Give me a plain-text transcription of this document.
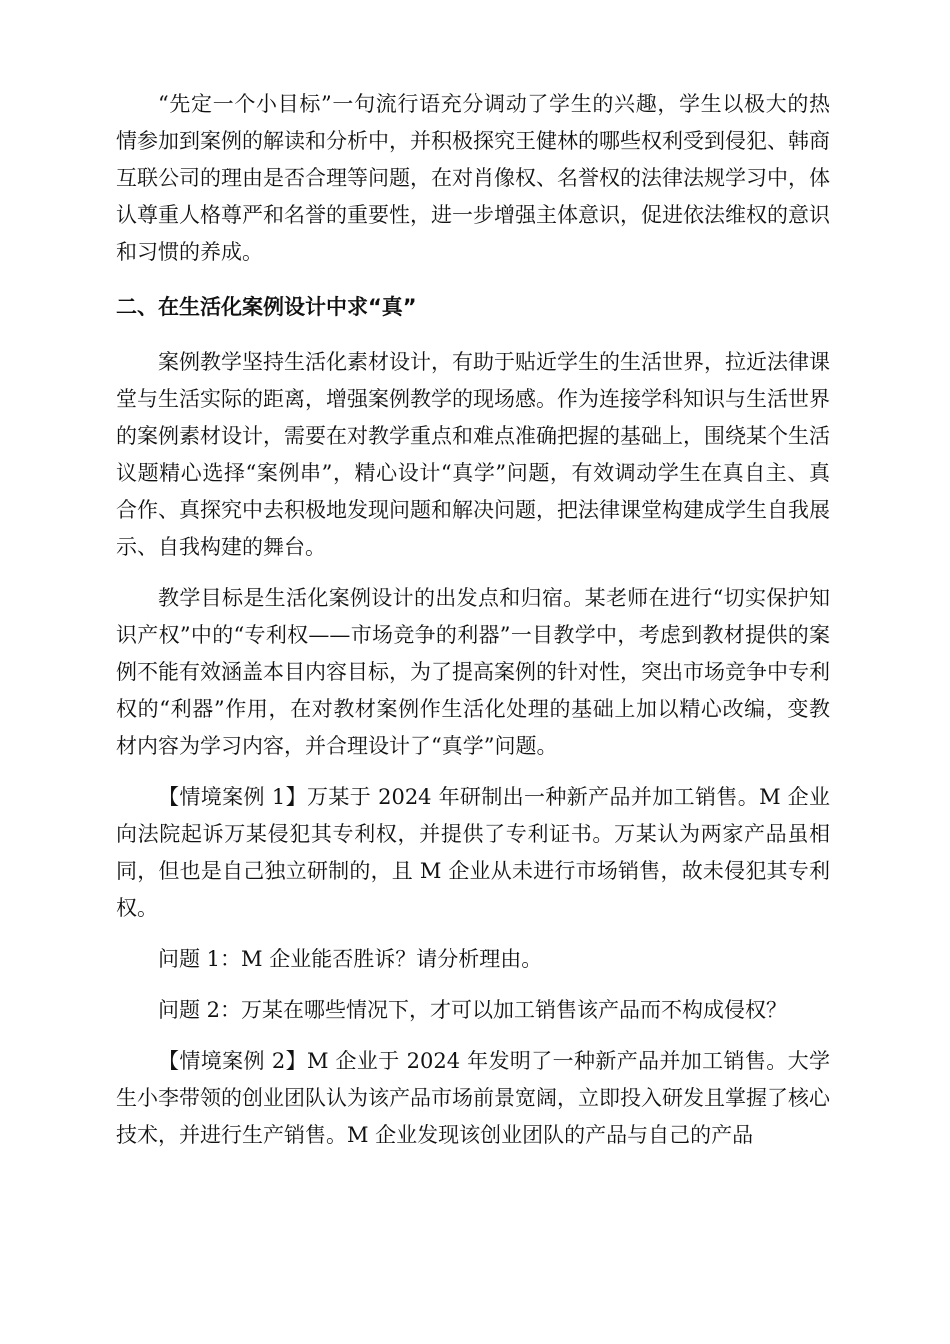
“先定一个小目标”一句流行语充分调动了学生的兴趣，学生以极大的热情参加到案例的解读和分析中，并积极探究王健林的哪些权利受到侵犯、韩商互联公司的理由是否合理等问题，在对肖像权、名誉权的法律法规学习中，体认尊重人格尊严和名誉的重要性，进一步增强主体意识，促进依法维权的意识和习惯的养成。

二、在生活化案例设计中求“真”

案例教学坚持生活化素材设计，有助于贴近学生的生活世界，拉近法律课堂与生活实际的距离，增强案例教学的现场感。作为连接学科知识与生活世界的案例素材设计，需要在对教学重点和难点准确把握的基础上，围绕某个生活议题精心选择“案例串”，精心设计“真学”问题，有效调动学生在真自主、真合作、真探究中去积极地发现问题和解决问题，把法律课堂构建成学生自我展示、自我构建的舞台。

教学目标是生活化案例设计的出发点和归宿。某老师在进行“切实保护知识产权”中的“专利权——市场竞争的利器”一目教学中，考虑到教材提供的案例不能有效涵盖本目内容目标，为了提高案例的针对性，突出市场竞争中专利权的“利器”作用，在对教材案例作生活化处理的基础上加以精心改编，变教材内容为学习内容，并合理设计了“真学”问题。

【情境案例 1】万某于 2024 年研制出一种新产品并加工销售。M 企业向法院起诉万某侵犯其专利权，并提供了专利证书。万某认为两家产品虽相同，但也是自己独立研制的，且 M 企业从未进行市场销售，故未侵犯其专利权。

问题 1：M 企业能否胜诉？请分析理由。

问题 2：万某在哪些情况下，才可以加工销售该产品而不构成侵权？

【情境案例 2】M 企业于 2024 年发明了一种新产品并加工销售。大学生小李带领的创业团队认为该产品市场前景宽阔，立即投入研发且掌握了核心技术，并进行生产销售。M 企业发现该创业团队的产品与自己的产品
